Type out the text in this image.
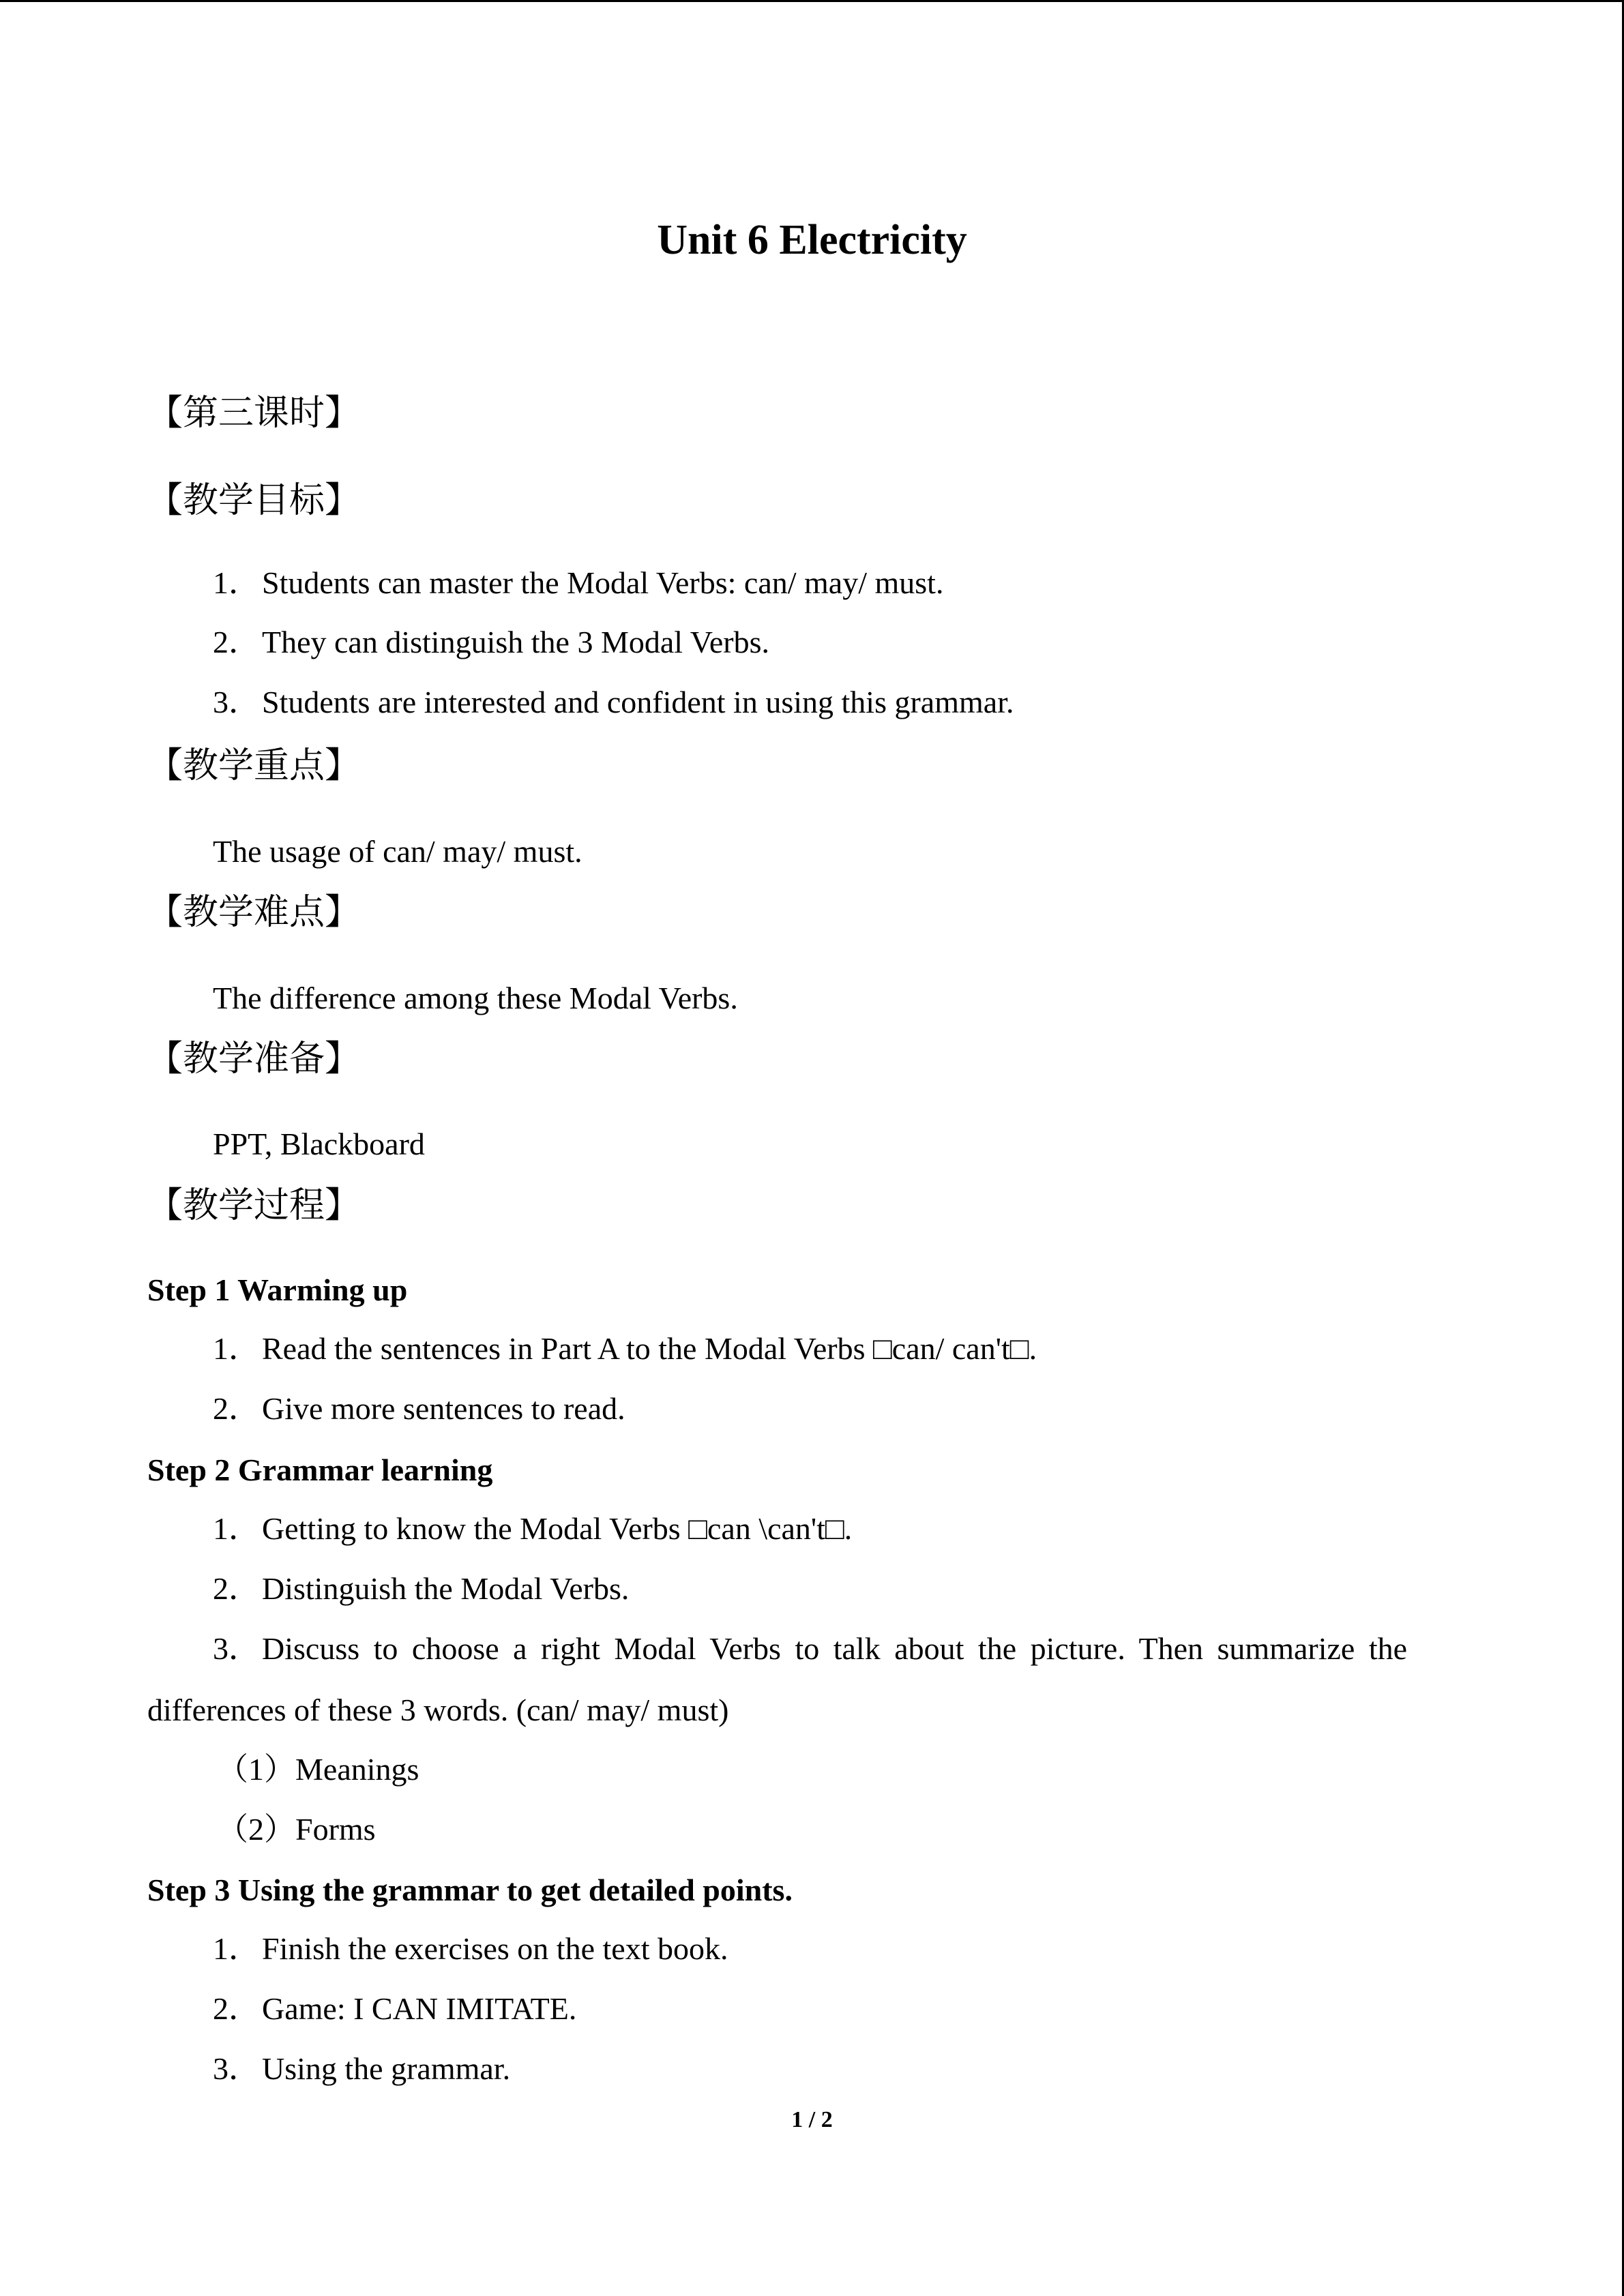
Unit 6 Electricity
【第三课时】
【教学目标】
1．Students can master the Modal Verbs: can/ may/ must.
2．They can distinguish the 3 Modal Verbs.
3．Students are interested and confident in using this grammar.
【教学重点】
The usage of can/ may/ must.
【教学难点】
The difference among these Modal Verbs.
【教学准备】
PPT, Blackboard
【教学过程】
Step 1 Warming up
1．Read the sentences in Part A to the Modal Verbs □can/ can't□.
2．Give more sentences to read.
Step 2 Grammar learning
1．Getting to know the Modal Verbs □can \can't□.
2．Distinguish the Modal Verbs.
3．Discuss to choose a right Modal Verbs to talk about the picture. Then summarize the
differences of these 3 words. (can/ may/ must)
（1）Meanings
（2）Forms
Step 3 Using the grammar to get detailed points.
1．Finish the exercises on the text book.
2．Game: I CAN IMITATE.
3．Using the grammar.
1 / 2
